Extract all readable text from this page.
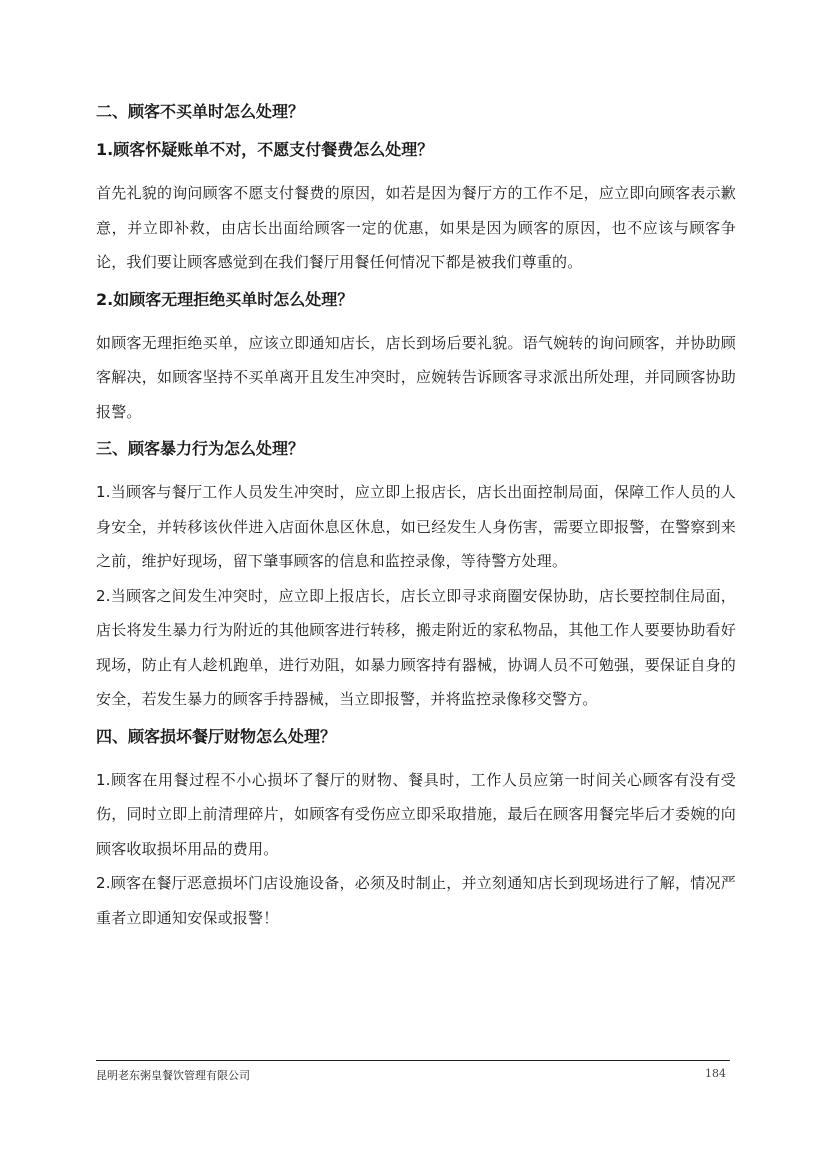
二、顾客不买单时怎么处理？
1.顾客怀疑账单不对，不愿支付餐费怎么处理？
首先礼貌的询问顾客不愿支付餐费的原因，如若是因为餐厅方的工作不足，应立即向顾客表示歉意，并立即补救，由店长出面给顾客一定的优惠，如果是因为顾客的原因，也不应该与顾客争论，我们要让顾客感觉到在我们餐厅用餐任何情况下都是被我们尊重的。
2.如顾客无理拒绝买单时怎么处理？
如顾客无理拒绝买单，应该立即通知店长，店长到场后要礼貌。语气婉转的询问顾客，并协助顾客解决，如顾客坚持不买单离开且发生冲突时，应婉转告诉顾客寻求派出所处理，并同顾客协助报警。
三、顾客暴力行为怎么处理？
1.当顾客与餐厅工作人员发生冲突时，应立即上报店长，店长出面控制局面，保障工作人员的人身安全，并转移该伙伴进入店面休息区休息，如已经发生人身伤害，需要立即报警，在警察到来之前，维护好现场，留下肇事顾客的信息和监控录像，等待警方处理。
2.当顾客之间发生冲突时，应立即上报店长，店长立即寻求商圈安保协助，店长要控制住局面，店长将发生暴力行为附近的其他顾客进行转移，搬走附近的家私物品，其他工作人要要协助看好现场，防止有人趁机跑单，进行劝阻，如暴力顾客持有器械，协调人员不可勉强，要保证自身的安全，若发生暴力的顾客手持器械，当立即报警，并将监控录像移交警方。
四、顾客损坏餐厅财物怎么处理？
1.顾客在用餐过程不小心损坏了餐厅的财物、餐具时，工作人员应第一时间关心顾客有没有受伤，同时立即上前清理碎片，如顾客有受伤应立即采取措施，最后在顾客用餐完毕后才委婉的向顾客收取损坏用品的费用。
2.顾客在餐厅恶意损坏门店设施设备，必须及时制止，并立刻通知店长到现场进行了解，情况严重者立即通知安保或报警！
昆明老东粥皇餐饮管理有限公司	184
